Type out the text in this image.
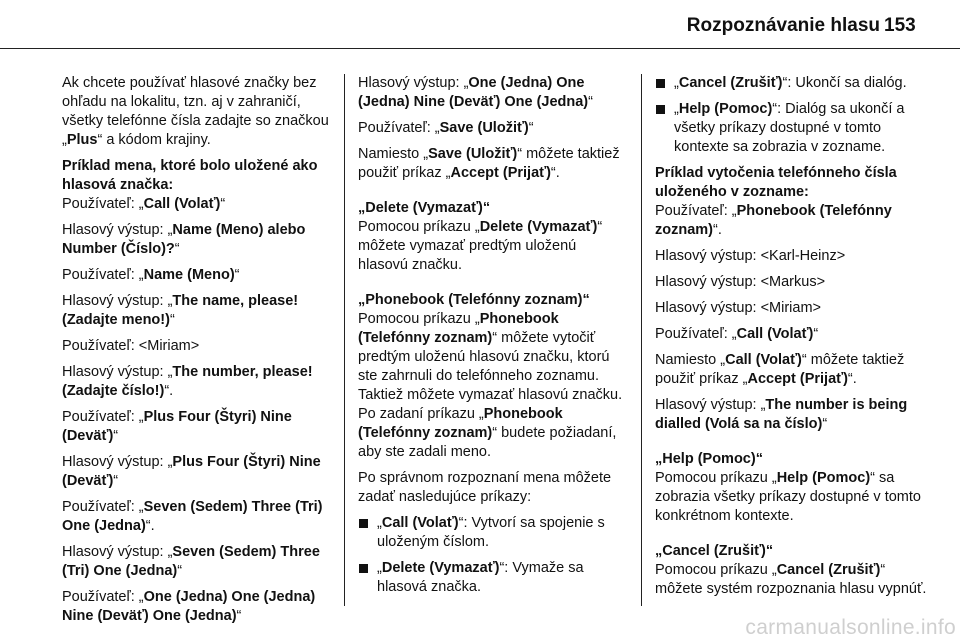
Rozpoznávanie hlasu 153

Ak chcete používať hlasové značky bez ohľadu na lokalitu, tzn. aj v zahraničí, všetky telefónne čísla zadajte so značkou „Plus“ a kódom krajiny.

Príklad mena, ktoré bolo uložené ako hlasová značka:

Používateľ: „Call (Volať)“

Hlasový výstup: „Name (Meno) alebo Number (Číslo)?“

Používateľ: „Name (Meno)“

Hlasový výstup: „The name, please! (Zadajte meno!)“

Používateľ: <Miriam>

Hlasový výstup: „The number, please! (Zadajte číslo!)“.

Používateľ: „Plus Four (Štyri) Nine (Deväť)“

Hlasový výstup: „Plus Four (Štyri) Nine (Deväť)“

Používateľ: „Seven (Sedem) Three (Tri) One (Jedna)“.

Hlasový výstup: „Seven (Sedem) Three (Tri) One (Jedna)“

Používateľ: „One (Jedna) One (Jedna) Nine (Deväť) One (Jedna)“

Hlasový výstup: „One (Jedna) One (Jedna) Nine (Deväť) One (Jedna)“

Používateľ: „Save (Uložiť)“

Namiesto „Save (Uložiť)“ môžete taktiež použiť príkaz „Accept (Prijať)“.

„Delete (Vymazať)“

Pomocou príkazu „Delete (Vymazať)“ môžete vymazať predtým uloženú hlasovú značku.

„Phonebook (Telefónny zoznam)“

Pomocou príkazu „Phonebook (Telefónny zoznam)“ môžete vytočiť predtým uloženú hlasovú značku, ktorú ste zahrnuli do telefónneho zoznamu. Taktiež môžete vymazať hlasovú značku. Po zadaní príkazu „Phonebook (Telefónny zoznam)“ budete požiadaní, aby ste zadali meno.

Po správnom rozpoznaní mena môžete zadať nasledujúce príkazy:

„Call (Volať)“: Vytvorí sa spojenie s uloženým číslom.

„Delete (Vymazať)“: Vymaže sa hlasová značka.

„Cancel (Zrušiť)“: Ukončí sa dialóg.

„Help (Pomoc)“: Dialóg sa ukončí a všetky príkazy dostupné v tomto kontexte sa zobrazia v zozname.

Príklad vytočenia telefónneho čísla uloženého v zozname:

Používateľ: „Phonebook (Telefónny zoznam)“.

Hlasový výstup: <Karl-Heinz>

Hlasový výstup: <Markus>

Hlasový výstup: <Miriam>

Používateľ: „Call (Volať)“

Namiesto „Call (Volať)“ môžete taktiež použiť príkaz „Accept (Prijať)“.

Hlasový výstup: „The number is being dialled (Volá sa na číslo)“

„Help (Pomoc)“

Pomocou príkazu „Help (Pomoc)“ sa zobrazia všetky príkazy dostupné v tomto konkrétnom kontexte.

„Cancel (Zrušiť)“

Pomocou príkazu „Cancel (Zrušiť)“ môžete systém rozpoznania hlasu vypnúť.

carmanualsonline.info
